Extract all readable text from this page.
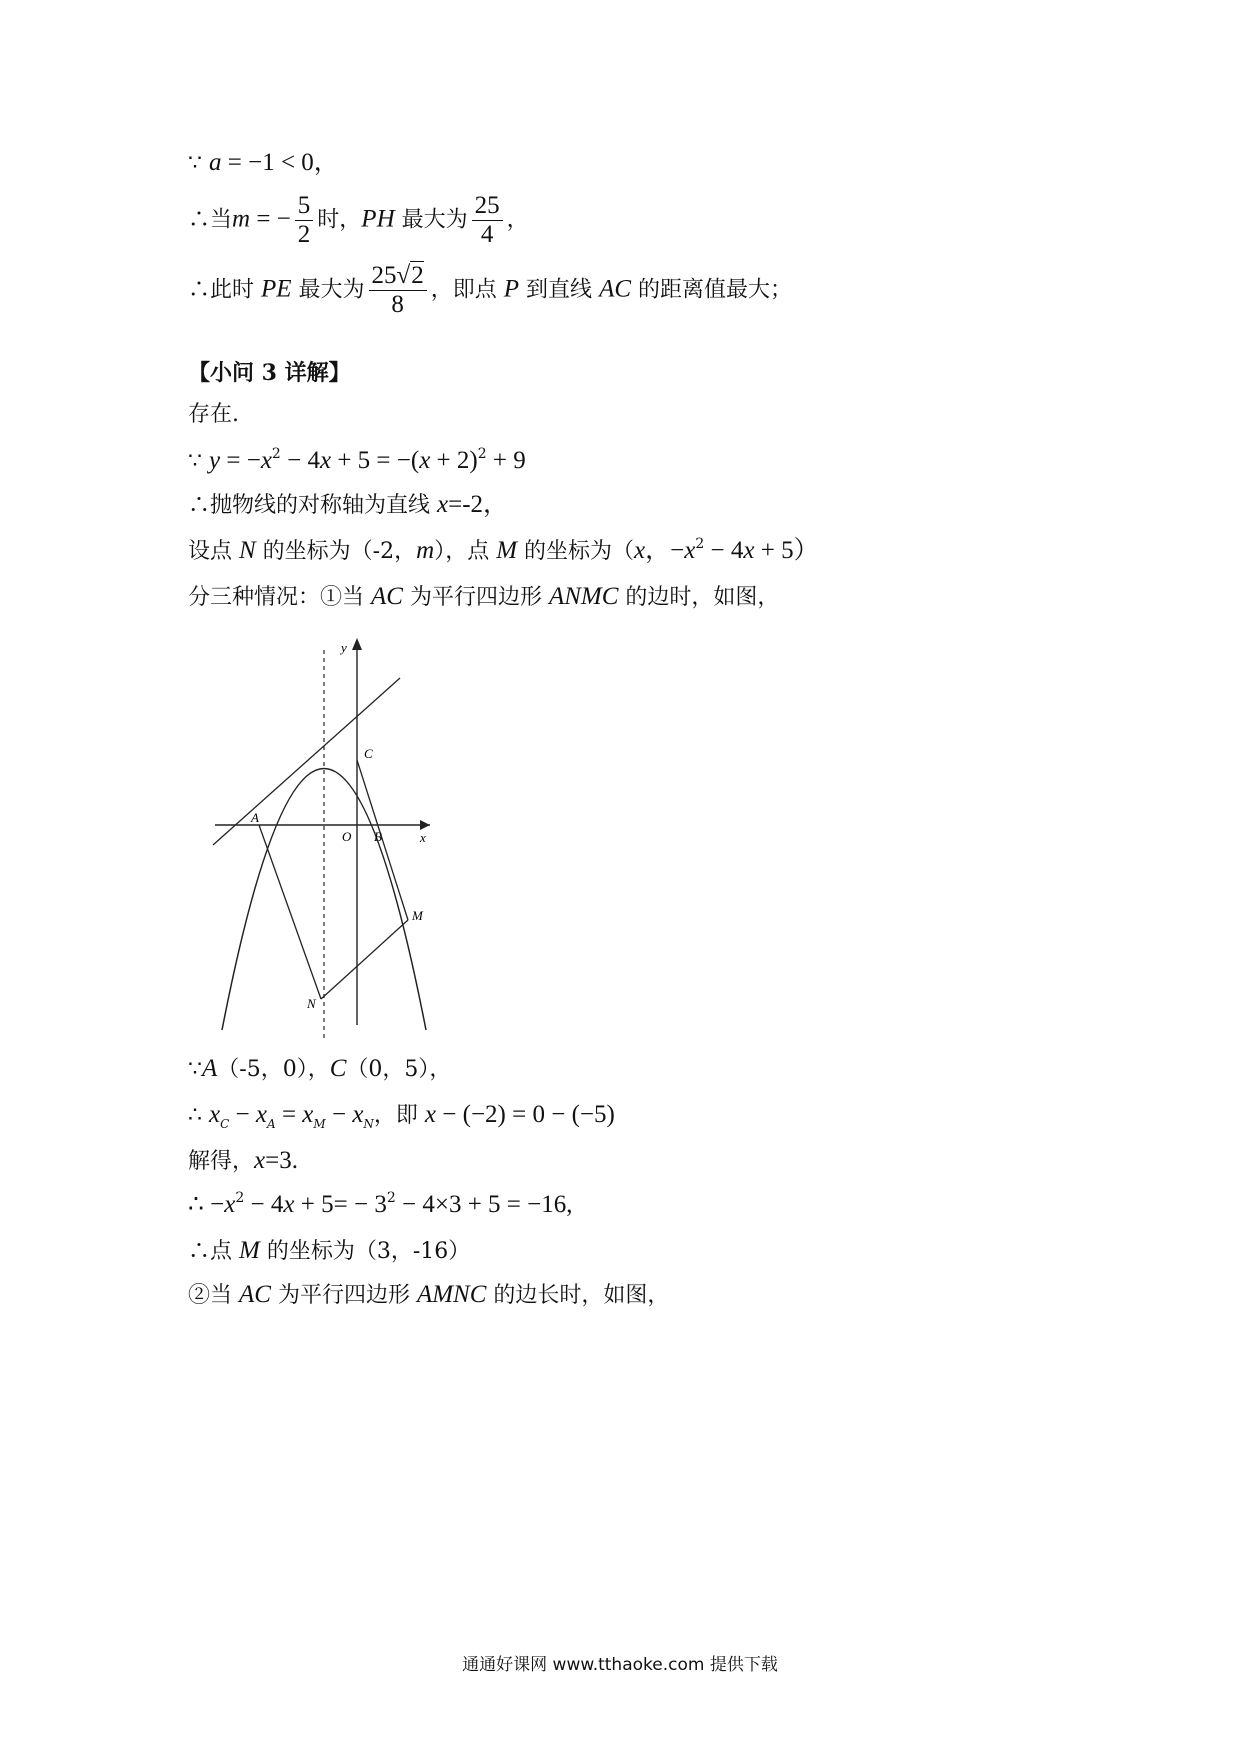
∵ a = −1 < 0，
∴当m = − $\frac{5}{2}$ 时，PH 最大为 $\frac{25}{4}$ ，
∴此时 PE 最大为 $\frac{25√2}{8}$ ，即点 P 到直线 AC 的距离值最大；
【小问 3 详解】
存在.
∵ $y = -x^2 - 4x + 5 = -(x + 2)^2 + 9$
∴抛物线的对称轴为直线 x=-2，
设点 N 的坐标为（-2，m），点 M 的坐标为（x，$-x^2 - 4x + 5$）
分三种情况：①当 AC 为平行四边形 ANMC 的边时，如图，
y
x
O
A
B
C
M
N
∵A（-5，0），C（0，5），
∴ $x_C - x_A = x_M - x_N$，即 x − (−2) = 0 − (−5)
解得，x=3.
∴ $-x^2 - 4x + 5= - 3^2 - 4\times 3 + 5 = -16$,
∴点 M 的坐标为（3，-16）
②当 AC 为平行四边形 AMNC 的边长时，如图，
通通好课网 www.tthaoke.com 提供下载
